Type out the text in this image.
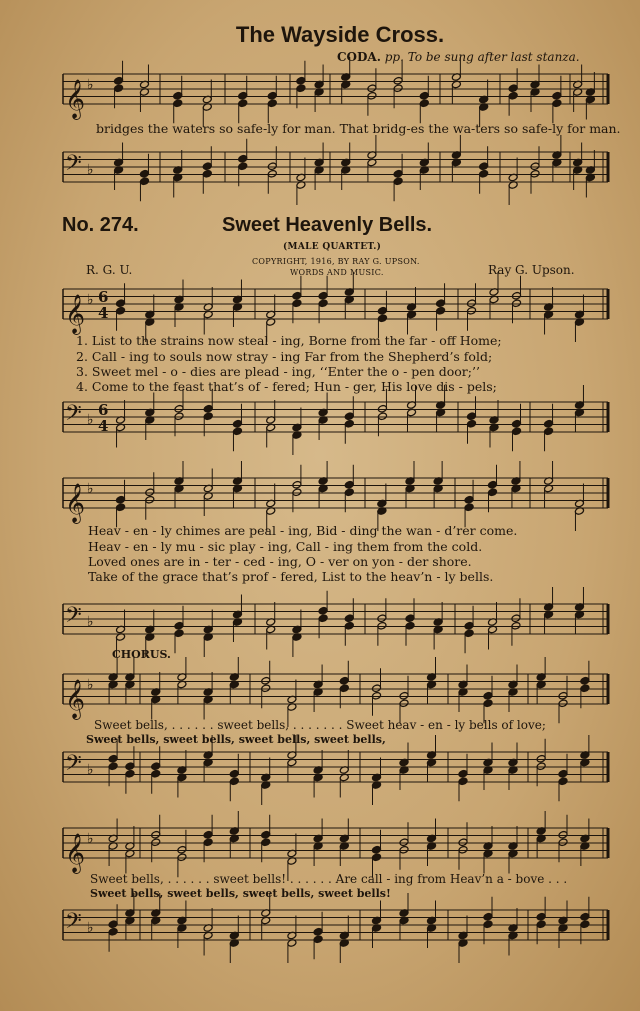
𝄞 ♭
𝄢 ♭
𝄞 ♭
𝄢 ♭
𝄞 ♭
𝄢 ♭
𝄞 ♭
𝄢 ♭
𝄞 ♭
𝄢 ♭
6
4
6
4
The Wayside Cross.
CODA. pp. To be sung after last stanza.
bridges the waters so safe-ly for man. That bridg-es the wa-ters so safe-ly for man.
No. 274.	Sweet Heavenly Bells.
(MALE QUARTET.)
COPYRIGHT, 1916, BY RAY G. UPSON.
WORDS AND MUSIC.
R. G. U.	Ray G. Upson.
1. List to the strains now steal - ing, Borne from the far - off Home;
2. Call - ing to souls now stray - ing Far from the Shepherd’s fold;
3. Sweet mel - o - dies are plead - ing, ‘‘Enter the o - pen door;’’
4. Come to the feast that’s of - fered; Hun - ger, His love dis - pels;
Heav - en - ly chimes are peal - ing, Bid - ding the wan - d’rer come.
Heav - en - ly mu - sic play - ing, Call - ing them from the cold.
Loved ones are in - ter - ced - ing, O - ver on yon - der shore.
Take of the grace that’s prof - fered, List to the heav’n - ly bells.
CHORUS.
Sweet bells, . . . . . . sweet bells, . . . . . . . Sweet heav - en - ly bells of love;
Sweet bells, sweet bells, sweet bells, sweet bells,
Sweet bells, . . . . . . sweet bells! . . . . . . Are call - ing from Heav’n a - bove . . .
Sweet bells, sweet bells, sweet bells, sweet bells!
